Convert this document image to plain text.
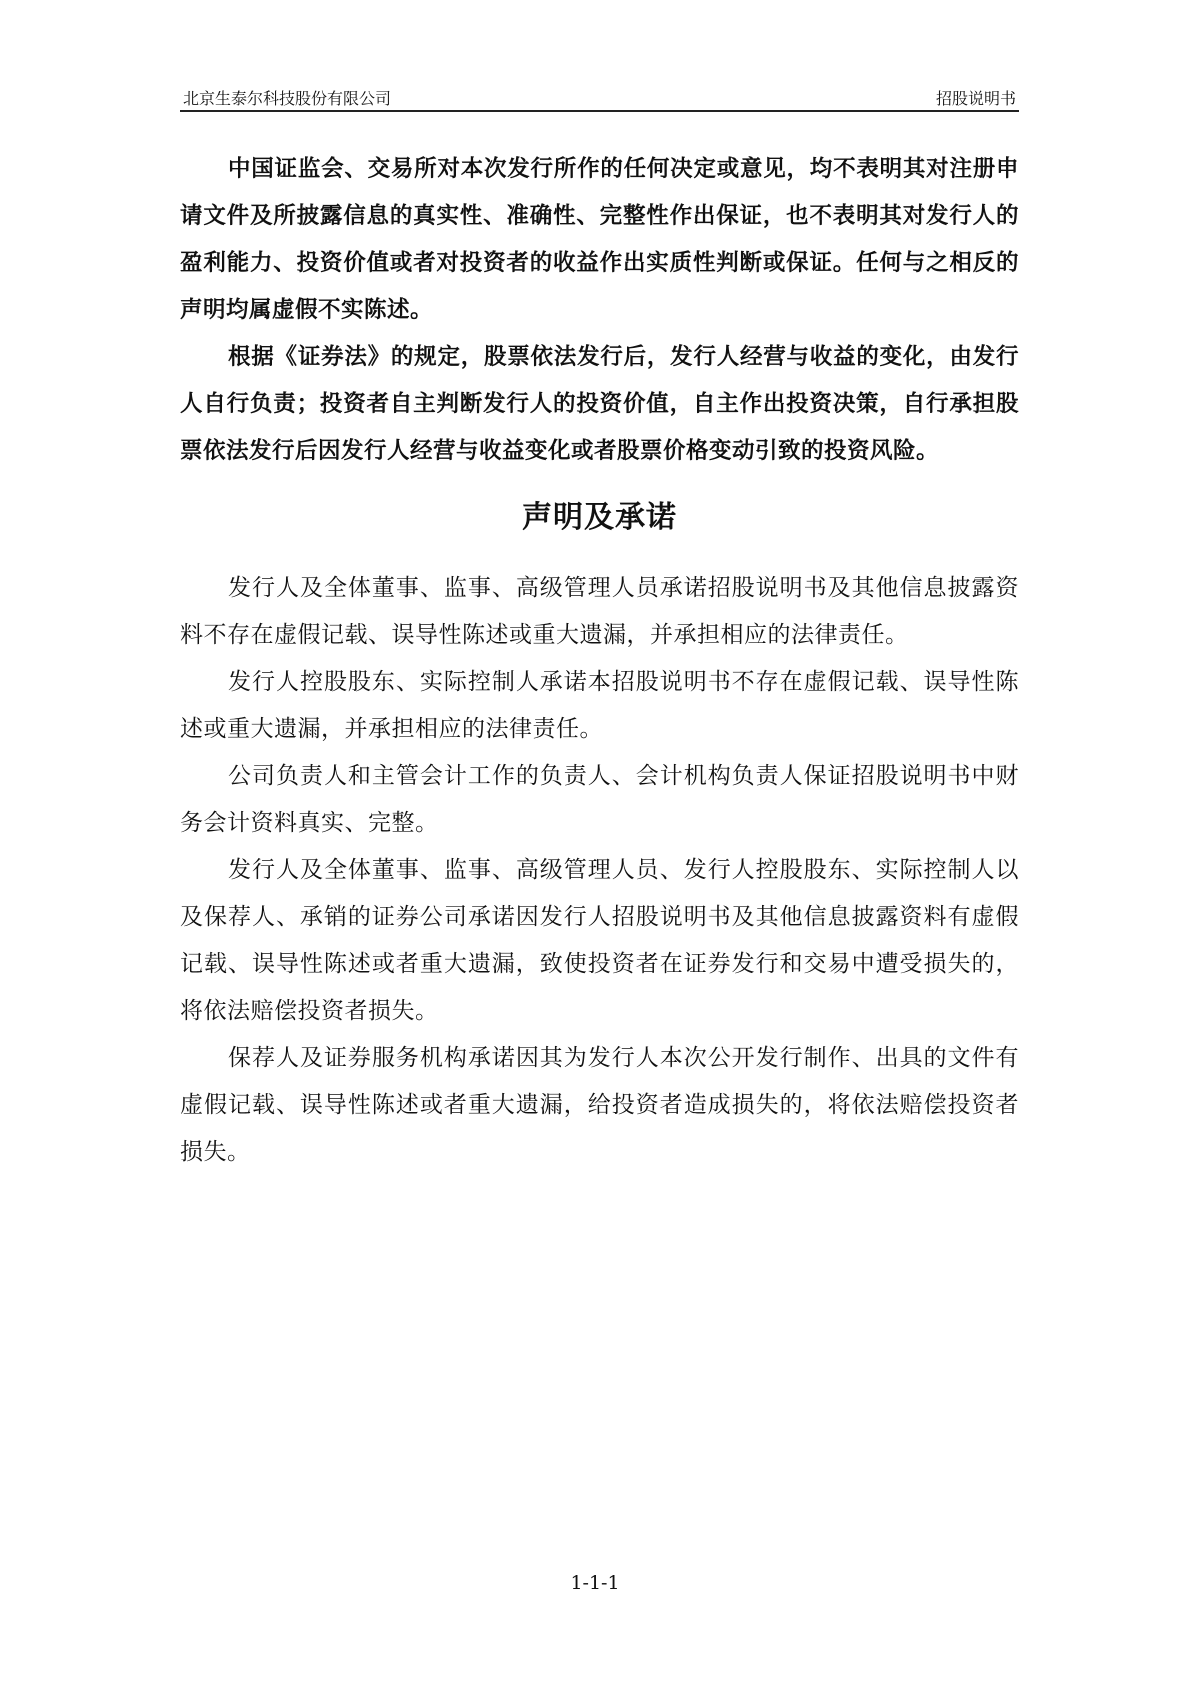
北京生泰尔科技股份有限公司	招股说明书

中国证监会、交易所对本次发行所作的任何决定或意见，均不表明其对注册申请文件及所披露信息的真实性、准确性、完整性作出保证，也不表明其对发行人的盈利能力、投资价值或者对投资者的收益作出实质性判断或保证。任何与之相反的声明均属虚假不实陈述。

根据《证券法》的规定，股票依法发行后，发行人经营与收益的变化，由发行人自行负责；投资者自主判断发行人的投资价值，自主作出投资决策，自行承担股票依法发行后因发行人经营与收益变化或者股票价格变动引致的投资风险。

声明及承诺

发行人及全体董事、监事、高级管理人员承诺招股说明书及其他信息披露资料不存在虚假记载、误导性陈述或重大遗漏，并承担相应的法律责任。

发行人控股股东、实际控制人承诺本招股说明书不存在虚假记载、误导性陈述或重大遗漏，并承担相应的法律责任。

公司负责人和主管会计工作的负责人、会计机构负责人保证招股说明书中财务会计资料真实、完整。

发行人及全体董事、监事、高级管理人员、发行人控股股东、实际控制人以及保荐人、承销的证券公司承诺因发行人招股说明书及其他信息披露资料有虚假记载、误导性陈述或者重大遗漏，致使投资者在证券发行和交易中遭受损失的，将依法赔偿投资者损失。

保荐人及证券服务机构承诺因其为发行人本次公开发行制作、出具的文件有虚假记载、误导性陈述或者重大遗漏，给投资者造成损失的，将依法赔偿投资者损失。

1-1-1
